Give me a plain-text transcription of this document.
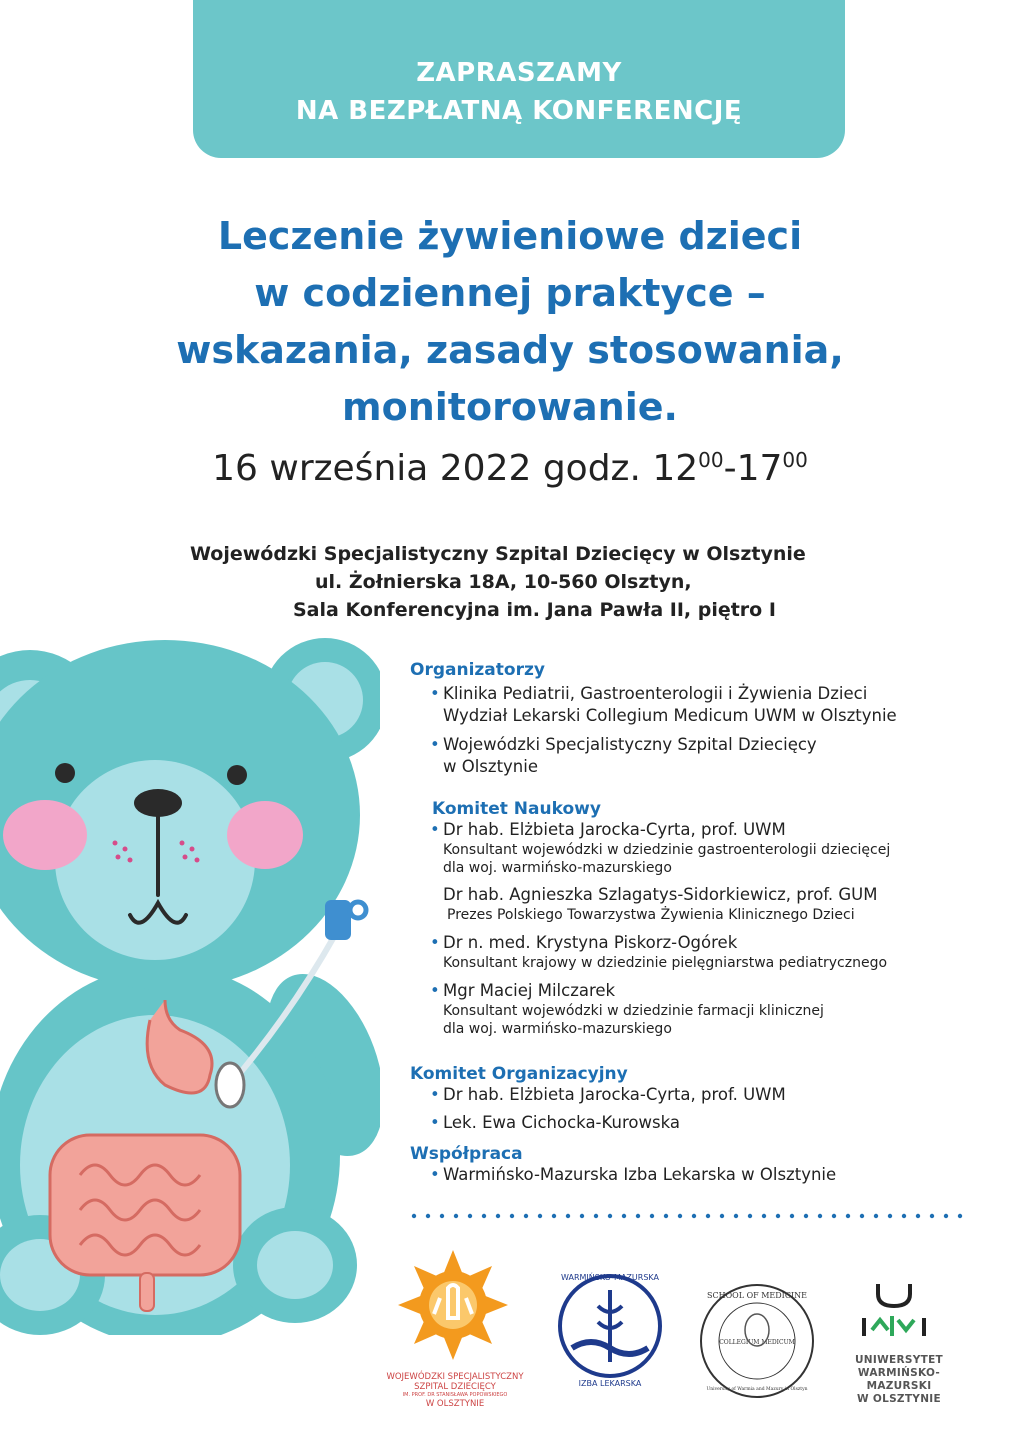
ZAPRASZAMY
NA BEZPŁATNĄ KONFERENCJĘ
Leczenie żywieniowe dzieci
w codziennej praktyce –
wskazania, zasady stosowania,
monitorowanie.
16 września 2022 godz. $12^{00}-17^{00}$
Wojewódzki Specjalistyczny Szpital Dziecięcy w Olsztynie
ul. Żołnierska 18A, 10-560 Olsztyn,
Sala Konferencyjna im. Jana Pawła II, piętro I

Organizatorzy

• Klinika Pediatrii, Gastroenterologii i Żywienia Dzieci
Wydział Lekarski Collegium Medicum UWM w Olsztynie
• Wojewódzki Specjalistyczny Szpital Dziecięcy
w Olsztynie

Komitet Naukowy

• Dr hab. Elżbieta Jarocka-Cyrta, prof. UWM
Konsultant wojewódzki w dziedzinie gastroenterologii dziecięcej
dla woj. warmińsko-mazurskiego
Dr hab. Agnieszka Szlagatys-Sidorkiewicz, prof. GUM
Prezes Polskiego Towarzystwa Żywienia Klinicznego Dzieci
• Dr n. med. Krystyna Piskorz-Ogórek
Konsultant krajowy w dziedzinie pielęgniarstwa pediatrycznego
• Mgr Maciej Milczarek
Konsultant wojewódzki w dziedzinie farmacji klinicznej
dla woj. warmińsko-mazurskiego

Komitet Organizacyjny

• Dr hab. Elżbieta Jarocka-Cyrta, prof. UWM
• Lek. Ewa Cichocka-Kurowska

Współpraca

• Warmińsko-Mazurska Izba Lekarska w Olsztynie
WOJEWÓDZKI SPECJALISTYCZNY
SZPITAL DZIECIĘCY
IM. PROF. DR STANISŁAWA POPOWSKIEGO
W OLSZTYNIE
WARMIŃSKO-MAZURSKA
IZBA LEKARSKA
SCHOOL OF MEDICINE
COLLEGIUM MEDICUM
University of Warmia and Mazury in Olsztyn
UNIWERSYTET
WARMIŃSKO-MAZURSKI
W OLSZTYNIE
